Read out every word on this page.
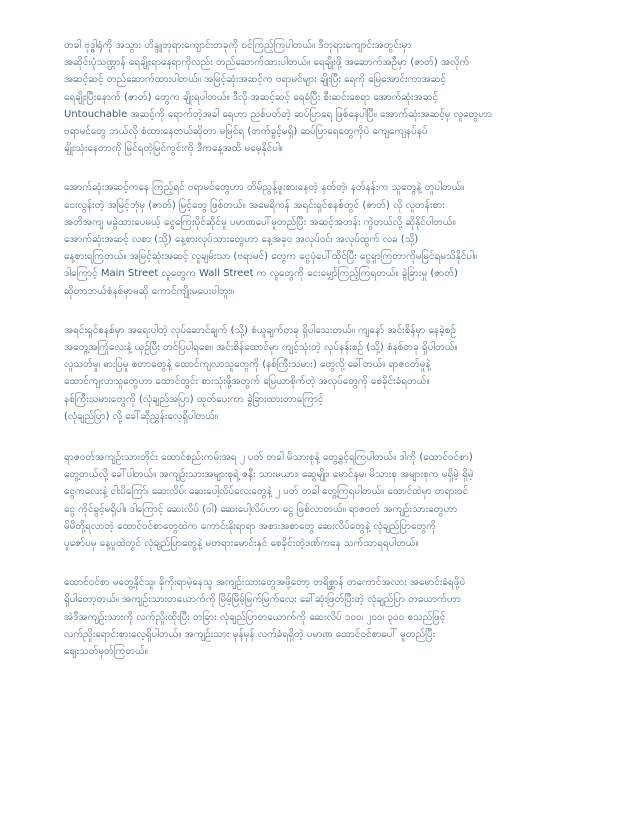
တခါ ဗုဒ္ဓါရုံကို အသွား ဟိန္ဒူဘုရားကျောင်းတခုကို ဝင်ကြည့်ကြပါတယ်။ ဒီဘုရားကျောင်းအတွင်းမှာ
အဆိုင်းပုံသဏ္ဌာန် ရေချိုးရာနေရာကိုလည်း တည်ဆောက်ထားပါတယ်။ ရေချိုးဖို့ အဆောက်အဦမှာ (ဇာတ်) အလိုက်
အဆင့်ဆင့် တည်ဆောက်ထားပါတယ်။ အမြင့်ဆုံးအဆင့်က ဗရာမင်များ ချိုးပြီး ရေကို မြေအောင်းကာအဆင့်
ရေချိုးပြီးနောက် (ဇာတ်) တွေက ချိုးရပါတယ်။ ဒီလို အဆင့်ဆင့် ရေခံပြီး စီးဆင်းစေရာ အောက်ဆုံးအဆင့်
Untouchable အဆင့်ကို ရောက်တဲ့အခါ ရေဟာ ညစ်ပတ်တဲ့ ဆပ်ပြာရေ ဖြစ်နေပါပြီ။ အောက်ဆုံးအဆင့်မှ လူတွေဟာ
ဗရာမင်တွေ ဘယ်လို စံထားနေတယ်ဆိုတာ မမြင်ရ (တက်ခွင့်မရှိ) ဆပ်ပြာရေတွေကိုပဲ ကျေကျေနပ်နပ်
ချိုးသုံးနေတာကို မြင်ရတဲ့မြင်ကွင်းကို ဒီကနေ့အထိ မမေ့နိုင်ပါ။

အောက်ဆုံးအဆင့်ကနေ ကြည့်ရင် ဗရာမင်တွေဟာ တိမ်ညွန့်ဖူးစားနေတဲ့ နတ်တဲ့၊ နတ်နန်းက သူတွေနဲ့ တူပါတယ်။
ဝေးလွန်းတဲ့ အမြင့်ဘုံမှ (ဇာတ်) မြင့်တွေ ဖြစ်တယ်။ အမေရိကန် အရင်းရှင်စနစ်တွင် (ဇာတ်) လို လူတန်းစား
အတိအကျ မခွဲထားပေမယ့် ငွေကြေးပိုင်ဆိုင်မှု ပမာဏပေါ်မူတည်ပြီး အဆင့်အတန်း ကွဲတယ်လို့ ဆိုနိုင်ပါတယ်။
အောက်ဆုံးအဆင့် လစာ (သို့) နေ့စားလုပ်သားတွေဟာ နေ့အခုဝ အလုပ်ဝင်၊ အလုပ်ထွက် လခ (သို့)
နေ့စားရကြတယ်။ အမြင့်ဆုံးအဆင့် လူချမ်းသာ (ဗရာမင်) တွေက ငွေပုံပေါ်ထိုင်ပြီး ငွေရှာကြတာကိုမမြင်ရမသိနိုင်ပါ။
ဒါကြောင့် Main Street လူတွေက Wall Street က လူတွေကို ငေးမျှော်ကြည့်ကြရတယ်။ ခွဲခြားမှု (ဇာတ်)
ဆိုတာဘယ်စံနစ်မှာမဆို ကောင်ကျိုးမပေးပါဘူး။

အရင်းရှင်စနစ်မှာ အရေးပါတဲ့ လုပ်ဆောင်ချက် (သို့) စံယူချက်တခု ရှိပါသေးတယ်။ ကျနော် အင်းစိန်မှာ နေခဲ့စဉ်
အတွေ့အကြုံလေးနဲ့ ယှဉ်ပြီး တင်ပြပါရစေ။ အင်းစိန်ထောင်မှာ ကျင့်သုံးတဲ့ လုပ်နန်းစဉ် (သို့) စံနစ်တခု ရှိပါတယ်။
လူသတ်မှု၊ ဓားပြမှု စတာတွေနဲ့ ထောင်ကျလာသူတွေကို (နစ်ကြီးသမား) တွေလို့ ခေါ်တယ်။ ရာဇဝတ်မှုနဲ့
ထောင်ကျလာသူတွေဟာ ထောင်တွင်း စားသုံးဖို့အတွက် မြေယာစိုက်တဲ့ အလုပ်တွေကို စေခိုင်းခံရတယ်။
နစ်ကြီးသမားတွေကို (လုံချည်အပြာ) ထုတ်ပေးကာ ခွဲခြားထားတာကြောင့်
(လုံချည်ပြာ) လို့ ခေါ်ဆိုညွှန်းလေ့ရှိပါတယ်။

ရာဇဝတ်အကျဉ်းသားတိုင်း ထောင်စည်းကမ်းအရ ၂ ပတ် တခါ မိသားစုနဲ့ တွေ့ခွင့်ရကြပါတယ်။ ဒါကို (ထောင်ဝင်စာ)
တွေ့တယ်လို့ ခေါ်ပါတယ်။ အကျဉ်းသားအများစုရဲ့ ဇနီး သားမယား၊ ဆွေမျိုး၊ မောင်နမ၊ မိသားစု အများစုက မရှိမဲ့ ရှိမဲ့
ငွေကလေးနဲ့ ငါးပိကြော်၊ ဆေးလိပ်၊ ဆေးပေါ့လိပ်လေးတွေနဲ့ ၂ ပတ် တခါ တွေ့ကြရပါတယ်။ ထောင်ထဲမှာ တရားဝင်
ငွေ ကိုင်ခွင့်မရှိပါ။ ဒါကြောင့် ဆေးလိပ် (ဝါ) ဆေးပေါ့လိပ်ဟာ ငွေ ဖြစ်လာတယ်။ ရာဇဝတ် အကျဉ်းသားတွေဟာ
မိမိတို့ရလာတဲ့ ထောင်ဝင်စာတွေထဲက ကောင်းနိုးရာရာ အစားအစာတွေ ဆေးလိပ်တွေနဲ့ လုံချည်ပြာတွေကို
ပူဇော်ပမှ နေ့ပူထဲတွင် လုံချည်ပြာတွေနဲ့ မတရားမောင်းနှင် စေခိုင်းတဲ့ဒဏ်ကနေ သက်သာရရပါတယ်။

ထောင်ဝင်စာ မတွေ့နိုင်သူ၊ ခိုကိုးရာမဲ့နေသူ အကျဉ်းသားတွေအဖို့တော့ တရိစ္ဆာန် တကောင်အလား အမောင်းခံရဖို့ပဲ
ရှိပါတော့တယ်။ အကျဉ်းသားတယောက်ကို မြိမ့်မြိမ့်မြက်မြက်လေး ခေါ်ဆုံးဖြတ်ပြီးတဲ့ လုံချည်ပြာ တယောက်ဟာ
အဲဒီအကျဉ်းသားကို လက်ညှိုးထိုးပြီး တခြား လုံချည်ပြာတယောက်ကို ဆေးလိပ် ၁၀၀၊ ၂၀၀၊ ၃၀၀ စသည်ဖြင့်
လက်ညှိုးရောင်းစားလေ့ရှိပါတယ်။ အကျဉ်းသား မှန်မှန် လက်ခံရရှိတဲ့ ပမာဏ ထောင်ဝင်စာပေါ် မူတည်ပြီး
ဈေးသတ်မှတ်ကြတယ်။
